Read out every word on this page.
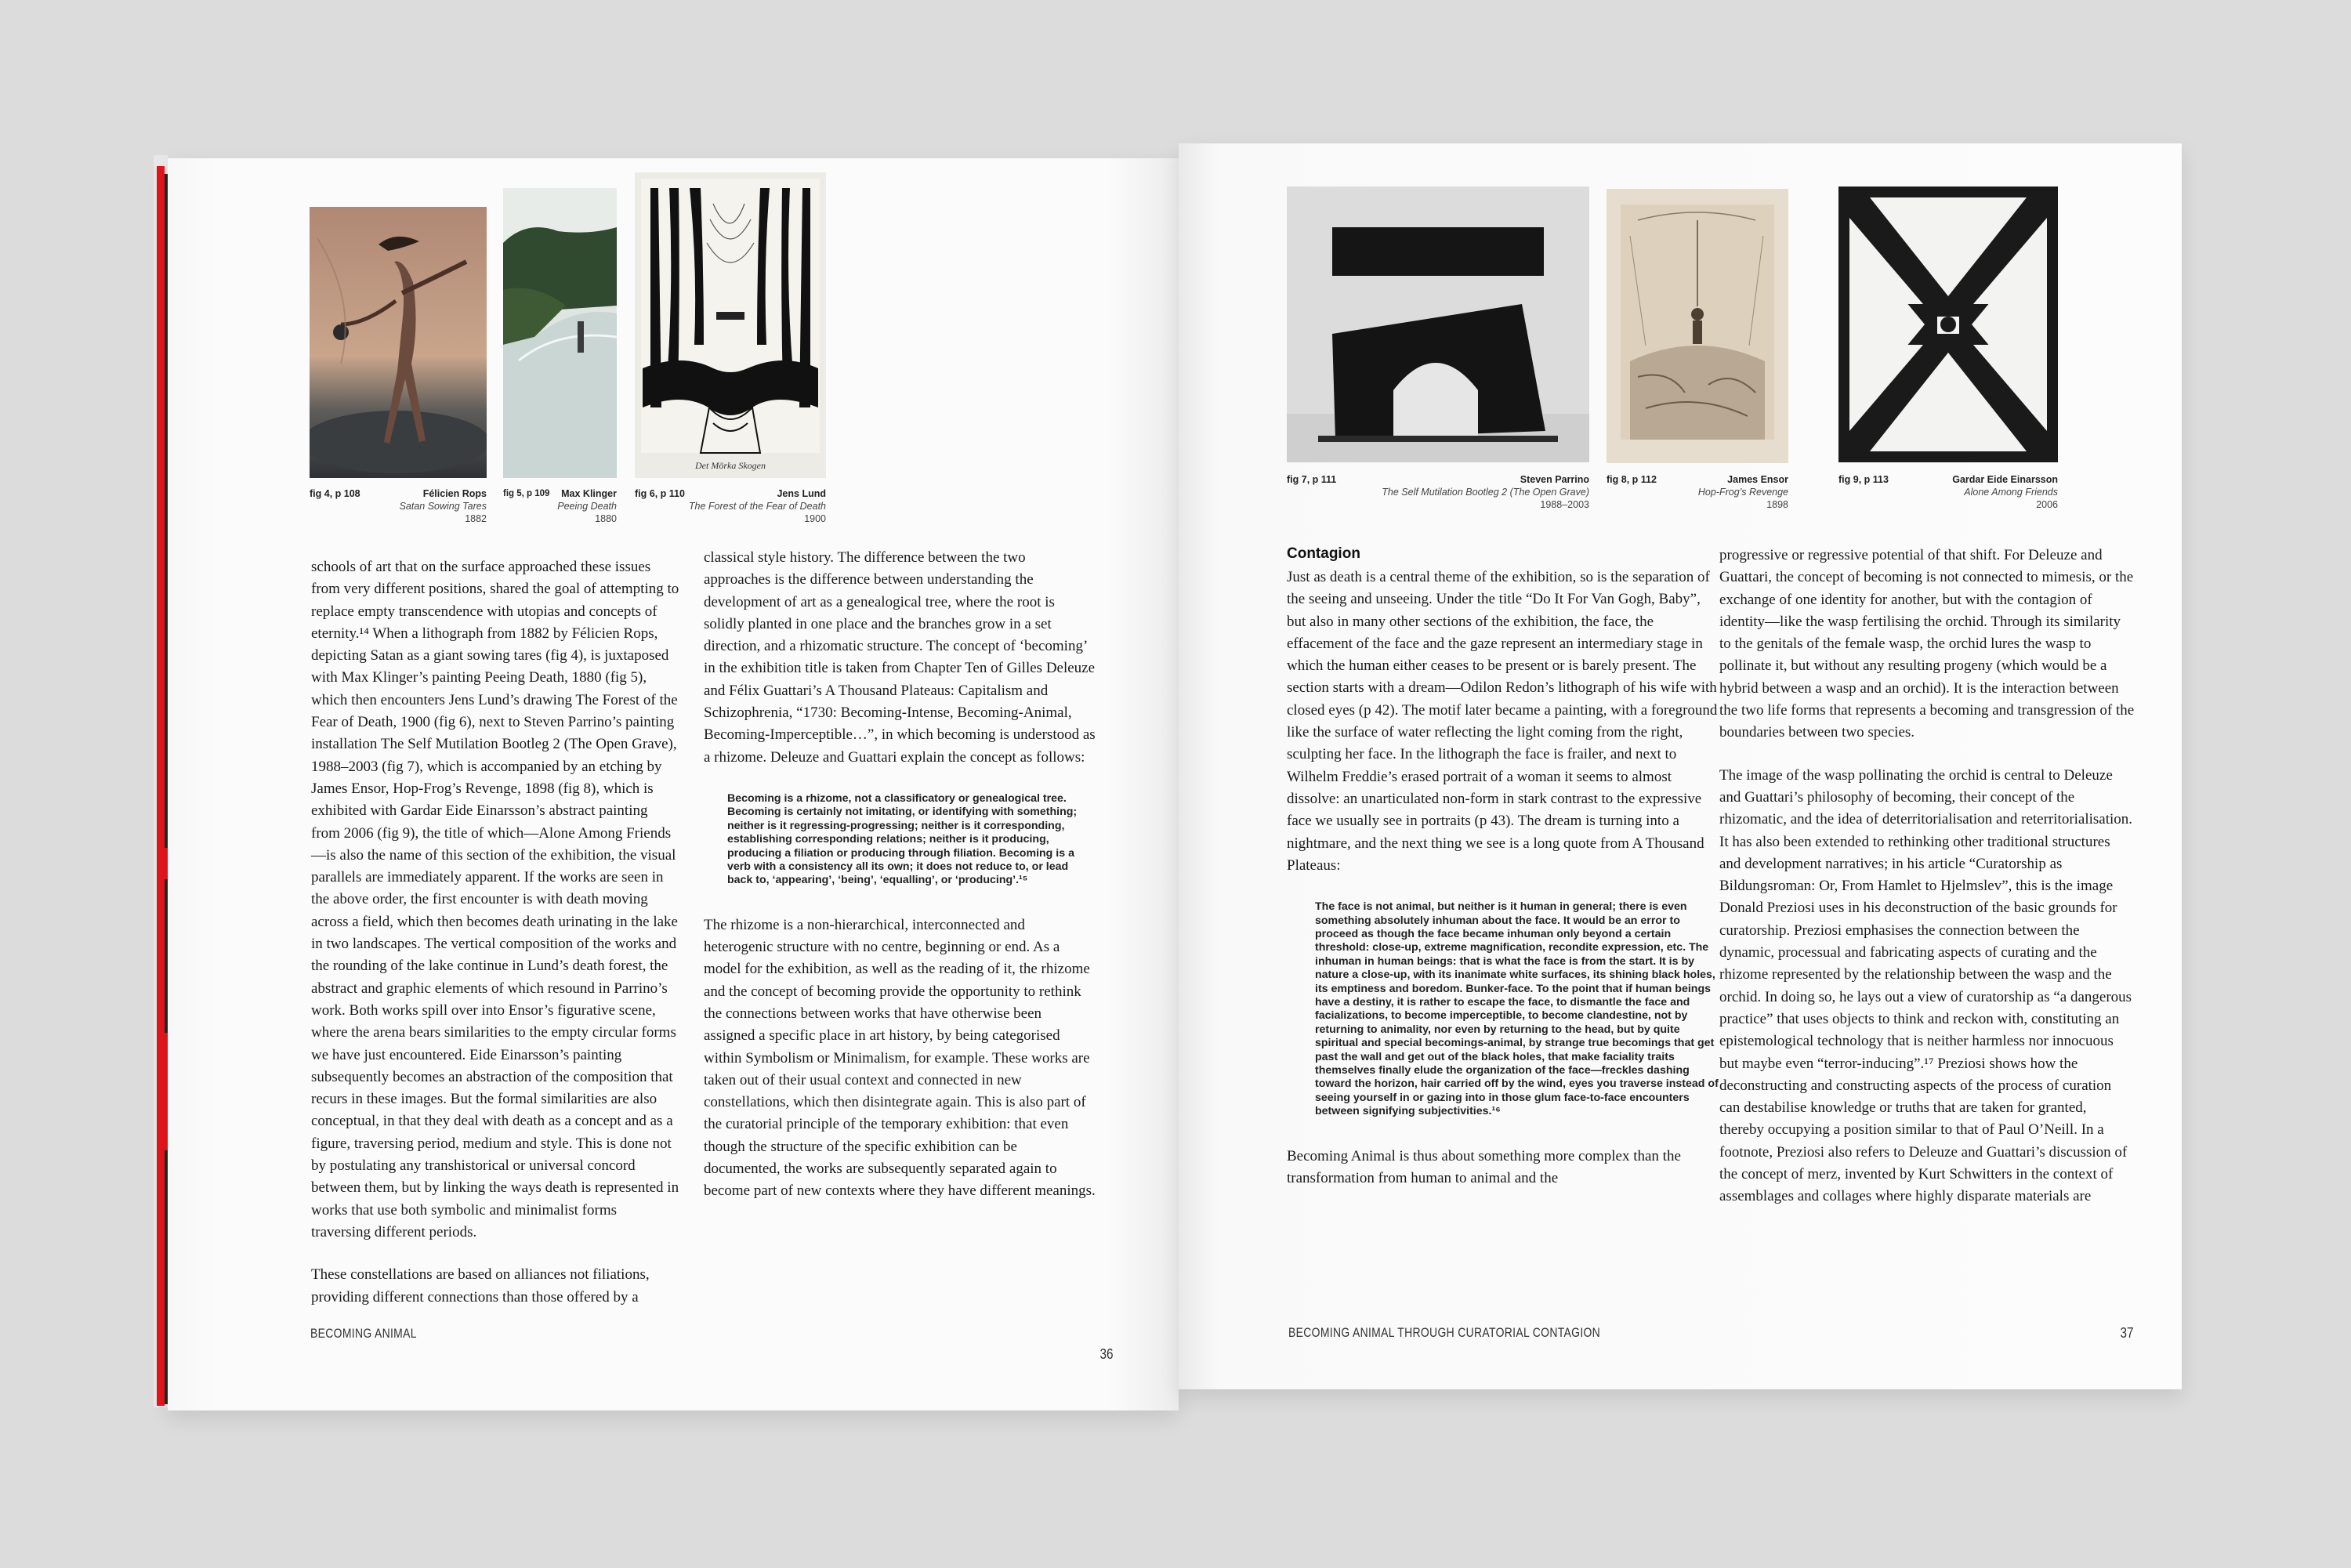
Det Mörka Skogen
fig 4, p 108	Félicien Rops
Satan Sowing Tares
1882
fig 5, p 109	Max Klinger
Peeing Death
1880
fig 6, p 110	Jens Lund
The Forest of the Fear of Death
1900

schools of art that on the surface approached these issues from very different positions, shared the goal of attempting to replace empty transcendence with utopias and concepts of eternity.¹⁴ When a lithograph from 1882 by Félicien Rops, depicting Satan as a giant sowing tares (fig 4), is juxtaposed with Max Klinger’s painting Peeing Death, 1880 (fig 5), which then encounters Jens Lund’s drawing The Forest of the Fear of Death, 1900 (fig 6), next to Steven Parrino’s painting installation The Self Mutilation Bootleg 2 (The Open Grave), 1988–2003 (fig 7), which is accompanied by an etching by James Ensor, Hop-Frog’s Revenge, 1898 (fig 8), which is exhibited with Gardar Eide Einarsson’s abstract painting from 2006 (fig 9), the title of which—Alone Among Friends—is also the name of this section of the exhibition, the visual parallels are immediately apparent. If the works are seen in the above order, the first encounter is with death moving across a field, which then becomes death urinating in the lake in two landscapes. The vertical composition of the works and the rounding of the lake continue in Lund’s death forest, the abstract and graphic elements of which resound in Parrino’s work. Both works spill over into Ensor’s figurative scene, where the arena bears similarities to the empty circular forms we have just encountered. Eide Einarsson’s painting subsequently becomes an abstraction of the composition that recurs in these images. But the formal similarities are also conceptual, in that they deal with death as a concept and as a figure, traversing period, medium and style. This is done not by postulating any transhistorical or universal concord between them, but by linking the ways death is represented in works that use both symbolic and minimalist forms traversing different periods.

These constellations are based on alliances not filiations, providing different connections than those offered by a

classical style history. The difference between the two approaches is the difference between understanding the development of art as a genealogical tree, where the root is solidly planted in one place and the branches grow in a set direction, and a rhizomatic structure. The concept of ‘becoming’ in the exhibition title is taken from Chapter Ten of Gilles Deleuze and Félix Guattari’s A Thousand Plateaus: Capitalism and Schizophrenia, “1730: Becoming-Intense, Becoming-Animal, Becoming-Imperceptible…”, in which becoming is understood as a rhizome. Deleuze and Guattari explain the concept as follows:

Becoming is a rhizome, not a classificatory or genealogical tree. Becoming is certainly not imitating, or identifying with something; neither is it regressing-progressing; neither is it corresponding, establishing corresponding relations; neither is it producing, producing a filiation or producing through filiation. Becoming is a verb with a consistency all its own; it does not reduce to, or lead back to, ‘appearing’, ‘being’, ‘equalling’, or ‘producing’.¹⁵

The rhizome is a non-hierarchical, interconnected and heterogenic structure with no centre, beginning or end. As a model for the exhibition, as well as the reading of it, the rhizome and the concept of becoming provide the opportunity to rethink the connections between works that have otherwise been assigned a specific place in art history, by being categorised within Symbolism or Minimalism, for example. These works are taken out of their usual context and connected in new constellations, which then disintegrate again. This is also part of the curatorial principle of the temporary exhibition: that even though the structure of the specific exhibition can be documented, the works are subsequently separated again to become part of new contexts where they have different meanings.

BECOMING ANIMAL
36
fig 7, p 111	Steven Parrino
The Self Mutilation Bootleg 2 (The Open Grave)
1988–2003
fig 8, p 112	James Ensor
Hop-Frog’s Revenge
1898
fig 9, p 113	Gardar Eide Einarsson
Alone Among Friends
2006
Contagion

Just as death is a central theme of the exhibition, so is the separation of the seeing and unseeing. Under the title “Do It For Van Gogh, Baby”, but also in many other sections of the exhibition, the face, the effacement of the face and the gaze represent an intermediary stage in which the human either ceases to be present or is barely present. The section starts with a dream—Odilon Redon’s lithograph of his wife with closed eyes (p 42). The motif later became a painting, with a foreground like the surface of water reflecting the light coming from the right, sculpting her face. In the lithograph the face is frailer, and next to Wilhelm Freddie’s erased portrait of a woman it seems to almost dissolve: an unarticulated non-form in stark contrast to the expressive face we usually see in portraits (p 43). The dream is turning into a nightmare, and the next thing we see is a long quote from A Thousand Plateaus:

The face is not animal, but neither is it human in general; there is even something absolutely inhuman about the face. It would be an error to proceed as though the face became inhuman only beyond a certain threshold: close-up, extreme magnification, recondite expression, etc. The inhuman in human beings: that is what the face is from the start. It is by nature a close-up, with its inanimate white surfaces, its shining black holes, its emptiness and boredom. Bunker-face. To the point that if human beings have a destiny, it is rather to escape the face, to dismantle the face and facializations, to become imperceptible, to become clandestine, not by returning to animality, nor even by returning to the head, but by quite spiritual and special becomings-animal, by strange true becomings that get past the wall and get out of the black holes, that make faciality traits themselves finally elude the organization of the face—freckles dashing toward the horizon, hair carried off by the wind, eyes you traverse instead of seeing yourself in or gazing into in those glum face-to-face encounters between signifying subjectivities.¹⁶

Becoming Animal is thus about something more complex than the transformation from human to animal and the

progressive or regressive potential of that shift. For Deleuze and Guattari, the concept of becoming is not connected to mimesis, or the exchange of one identity for another, but with the contagion of identity—like the wasp fertilising the orchid. Through its similarity to the genitals of the female wasp, the orchid lures the wasp to pollinate it, but without any resulting progeny (which would be a hybrid between a wasp and an orchid). It is the interaction between the two life forms that represents a becoming and transgression of the boundaries between two species.

The image of the wasp pollinating the orchid is central to Deleuze and Guattari’s philosophy of becoming, their concept of the rhizomatic, and the idea of deterritorialisation and reterritorialisation. It has also been extended to rethinking other traditional structures and development narratives; in his article “Curatorship as Bildungsroman: Or, From Hamlet to Hjelmslev”, this is the image Donald Preziosi uses in his deconstruction of the basic grounds for curatorship. Preziosi emphasises the connection between the dynamic, processual and fabricating aspects of curating and the rhizome represented by the relationship between the wasp and the orchid. In doing so, he lays out a view of curatorship as “a dangerous practice” that uses objects to think and reckon with, constituting an epistemological technology that is neither harmless nor innocuous but maybe even “terror-inducing”.¹⁷ Preziosi shows how the deconstructing and constructing aspects of the process of curation can destabilise knowledge or truths that are taken for granted, thereby occupying a position similar to that of Paul O’Neill. In a footnote, Preziosi also refers to Deleuze and Guattari’s discussion of the concept of merz, invented by Kurt Schwitters in the context of assemblages and collages where highly disparate materials are

BECOMING ANIMAL THROUGH CURATORIAL CONTAGION	37
